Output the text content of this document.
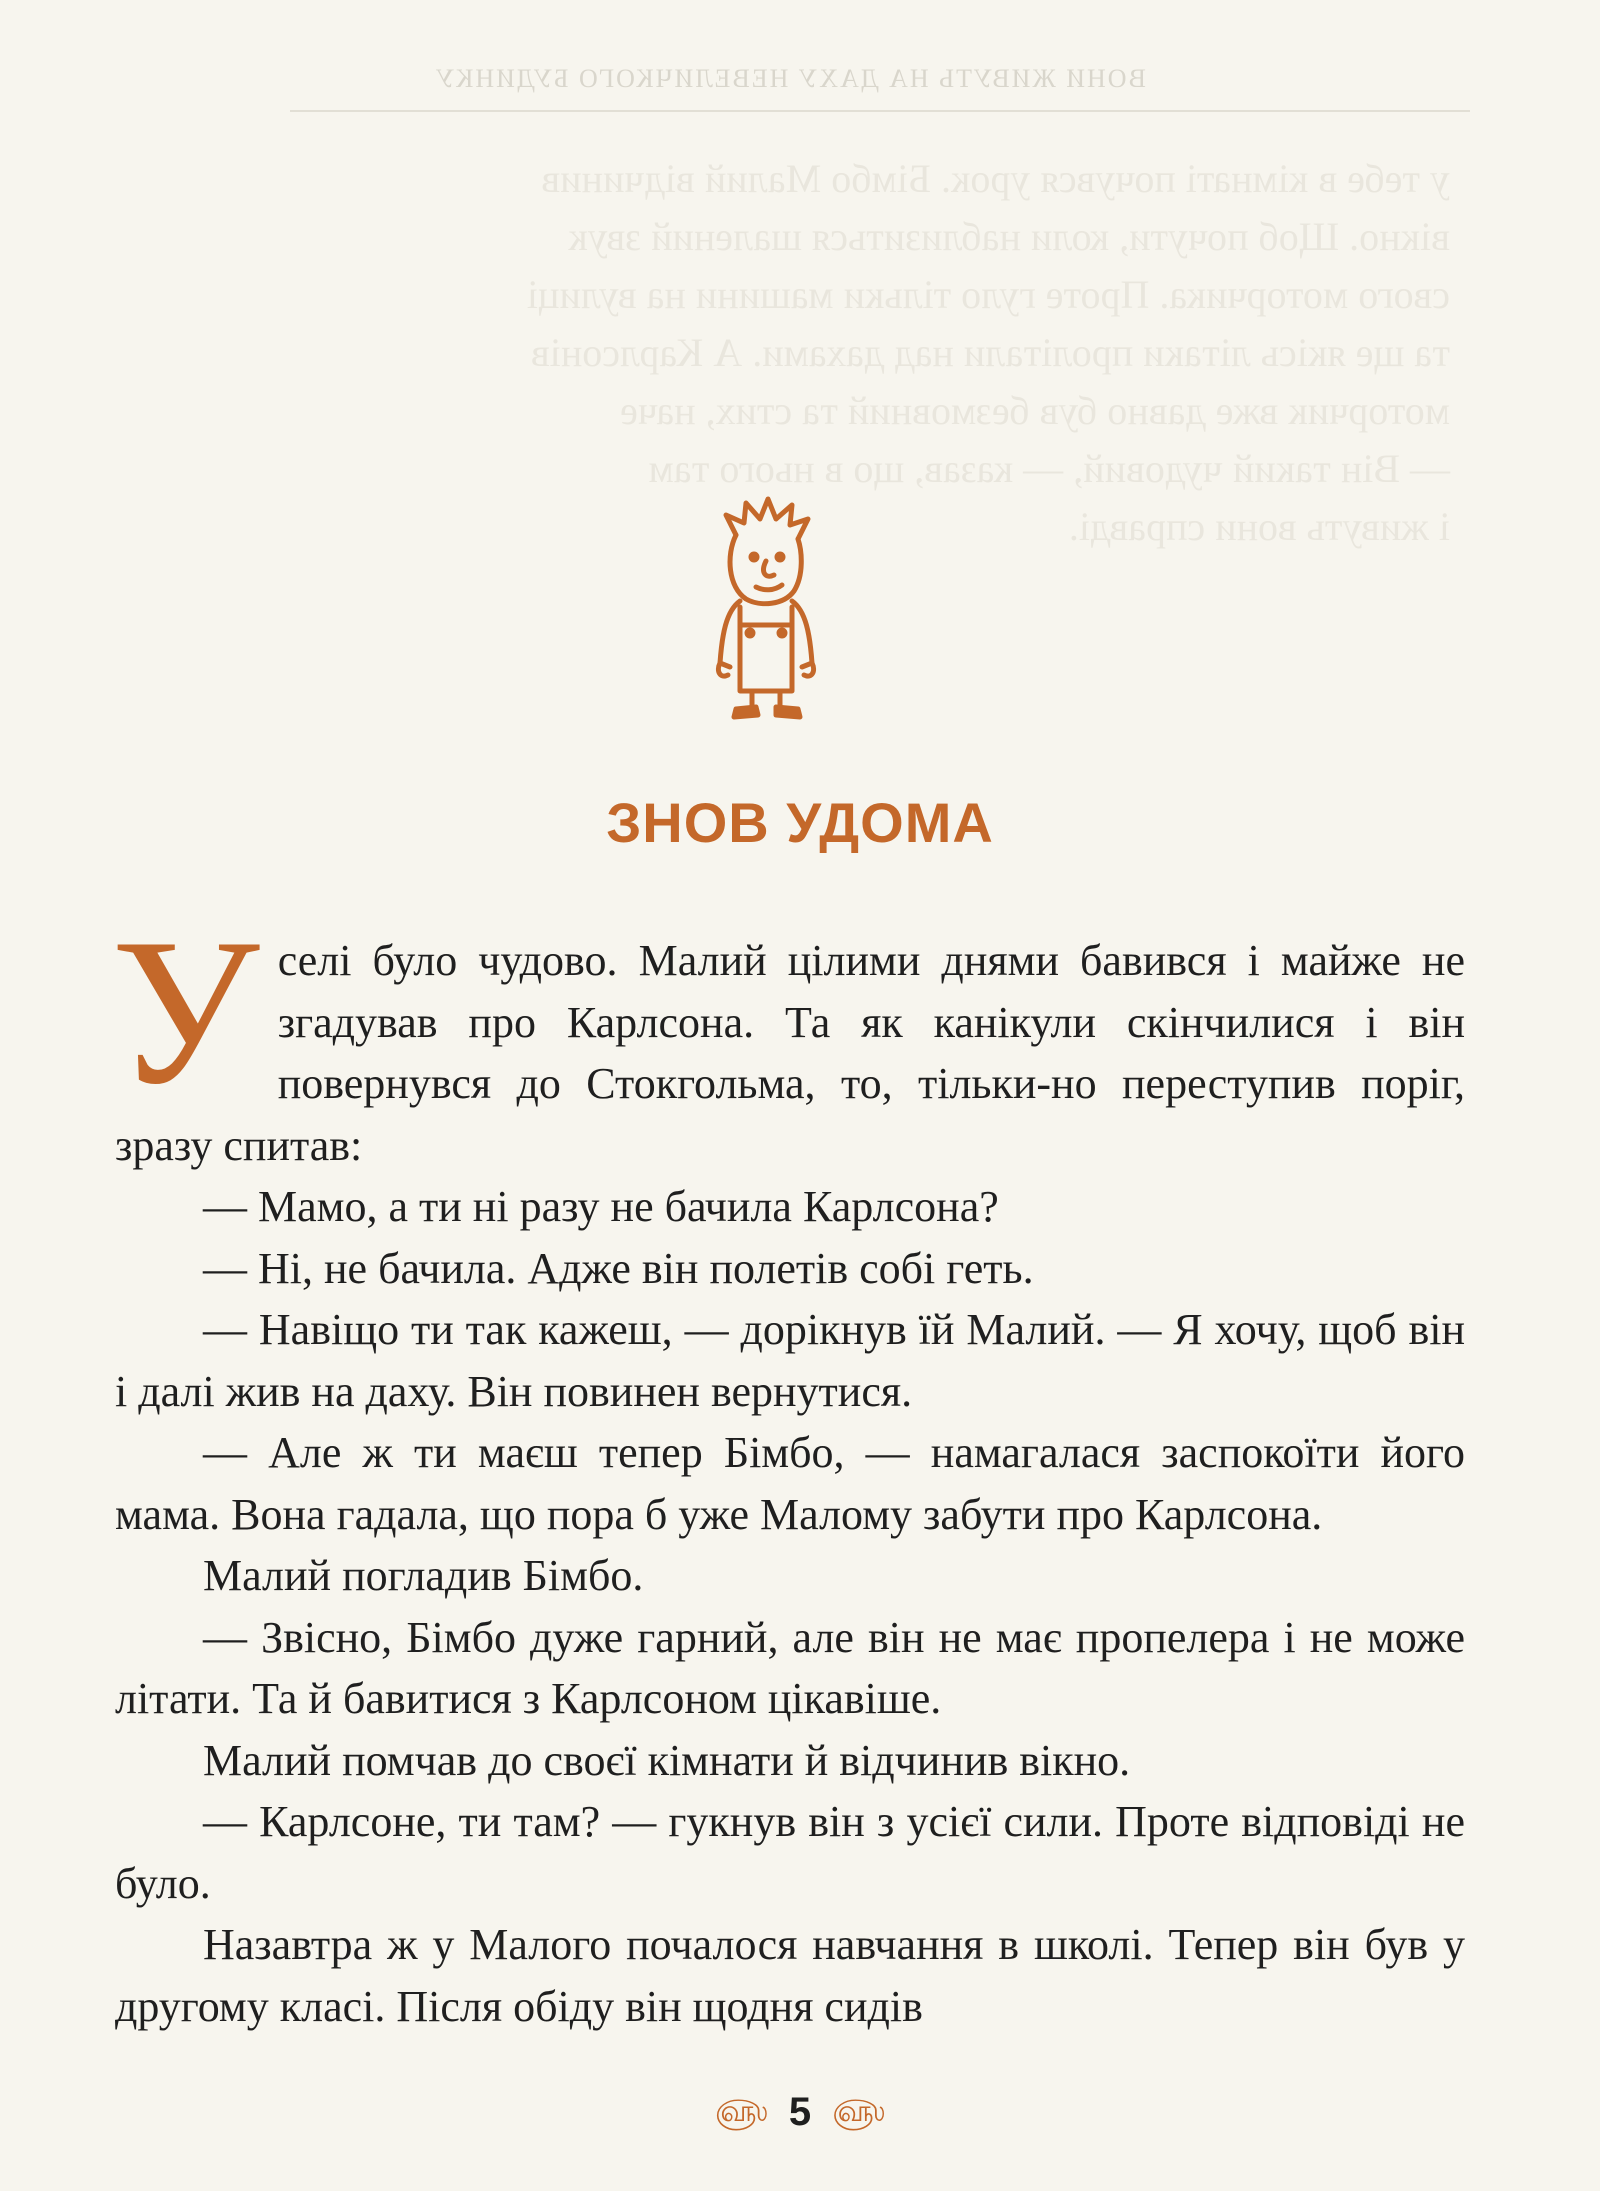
ВОНИ ЖИВУТЬ НА ДАХУ НЕВЕЛИЧКОГО БУДИНКУ

у тебе в кімнаті почувся урок. Бімбо Малий відчинив

вікно. Щоб почути, коли наблизиться шалений звук

свого моторчика. Проте гуло тільки машини на вулиці

та ще якісь літаки пролітали над дахами. А Карлсонів

моторчик вже давно був безмовний та стих, наче

— Він такий чудовий, — казав, що в нього там

і живуть вони справді.

ЗНОВ УДОМА

У селі було чудово. Малий цілими днями бавився і майже не згадував про Карлсона. Та як канікули скінчилися і він повернувся до Стокгольма, то, тільки-но переступив поріг, зразу спитав:

— Мамо, а ти ні разу не бачила Карлсона?

— Ні, не бачила. Адже він полетів собі геть.

— Навіщо ти так кажеш, — дорікнув їй Малий. — Я хочу, щоб він і далі жив на даху. Він повинен вернутися.

— Але ж ти маєш тепер Бімбо, — намагалася заспокоїти його мама. Вона гадала, що пора б уже Малому забути про Карлсона.

Малий погладив Бімбо.

— Звісно, Бімбо дуже гарний, але він не має пропелера і не може літати. Та й бавитися з Карлсоном цікавіше.

Малий помчав до своєї кімнати й відчинив вікно.

— Карлсоне, ти там? — гукнув він з усієї сили. Проте відповіді не було.

Назавтра ж у Малого почалося навчання в школі. Тепер він був у другому класі. Після обіду він щодня сидів

௵ 5 ௵
